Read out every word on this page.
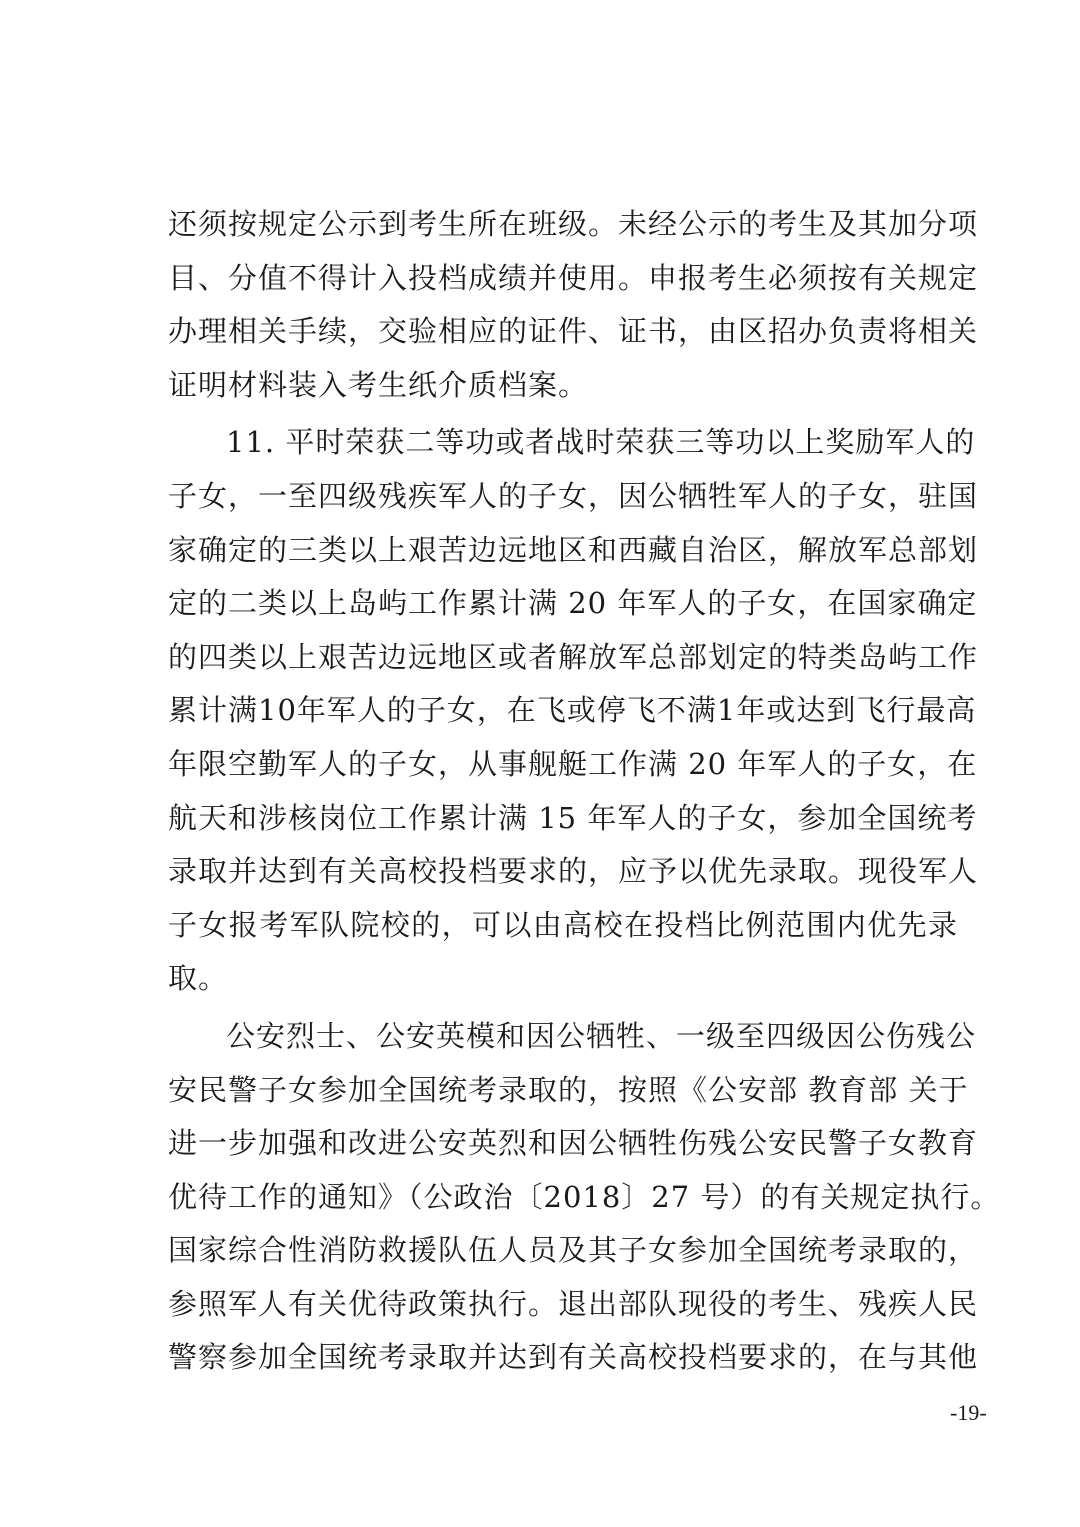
还须按规定公示到考生所在班级。未经公示的考生及其加分项
目、分值不得计入投档成绩并使用。申报考生必须按有关规定
办理相关手续，交验相应的证件、证书，由区招办负责将相关
证明材料装入考生纸介质档案。
11. 平时荣获二等功或者战时荣获三等功以上奖励军人的
子女，一至四级残疾军人的子女，因公牺牲军人的子女，驻国
家确定的三类以上艰苦边远地区和西藏自治区，解放军总部划
定的二类以上岛屿工作累计满 20 年军人的子女，在国家确定
的四类以上艰苦边远地区或者解放军总部划定的特类岛屿工作
累计满10年军人的子女，在飞或停飞不满1年或达到飞行最高
年限空勤军人的子女，从事舰艇工作满 20 年军人的子女，在
航天和涉核岗位工作累计满 15 年军人的子女，参加全国统考
录取并达到有关高校投档要求的，应予以优先录取。现役军人
子女报考军队院校的，可以由高校在投档比例范围内优先录
取。
公安烈士、公安英模和因公牺牲、一级至四级因公伤残公
安民警子女参加全国统考录取的，按照《公安部 教育部 关于
进一步加强和改进公安英烈和因公牺牲伤残公安民警子女教育
优待工作的通知》（公政治〔2018〕27 号）的有关规定执行。
国家综合性消防救援队伍人员及其子女参加全国统考录取的，
参照军人有关优待政策执行。退出部队现役的考生、残疾人民
警察参加全国统考录取并达到有关高校投档要求的，在与其他
-19-
